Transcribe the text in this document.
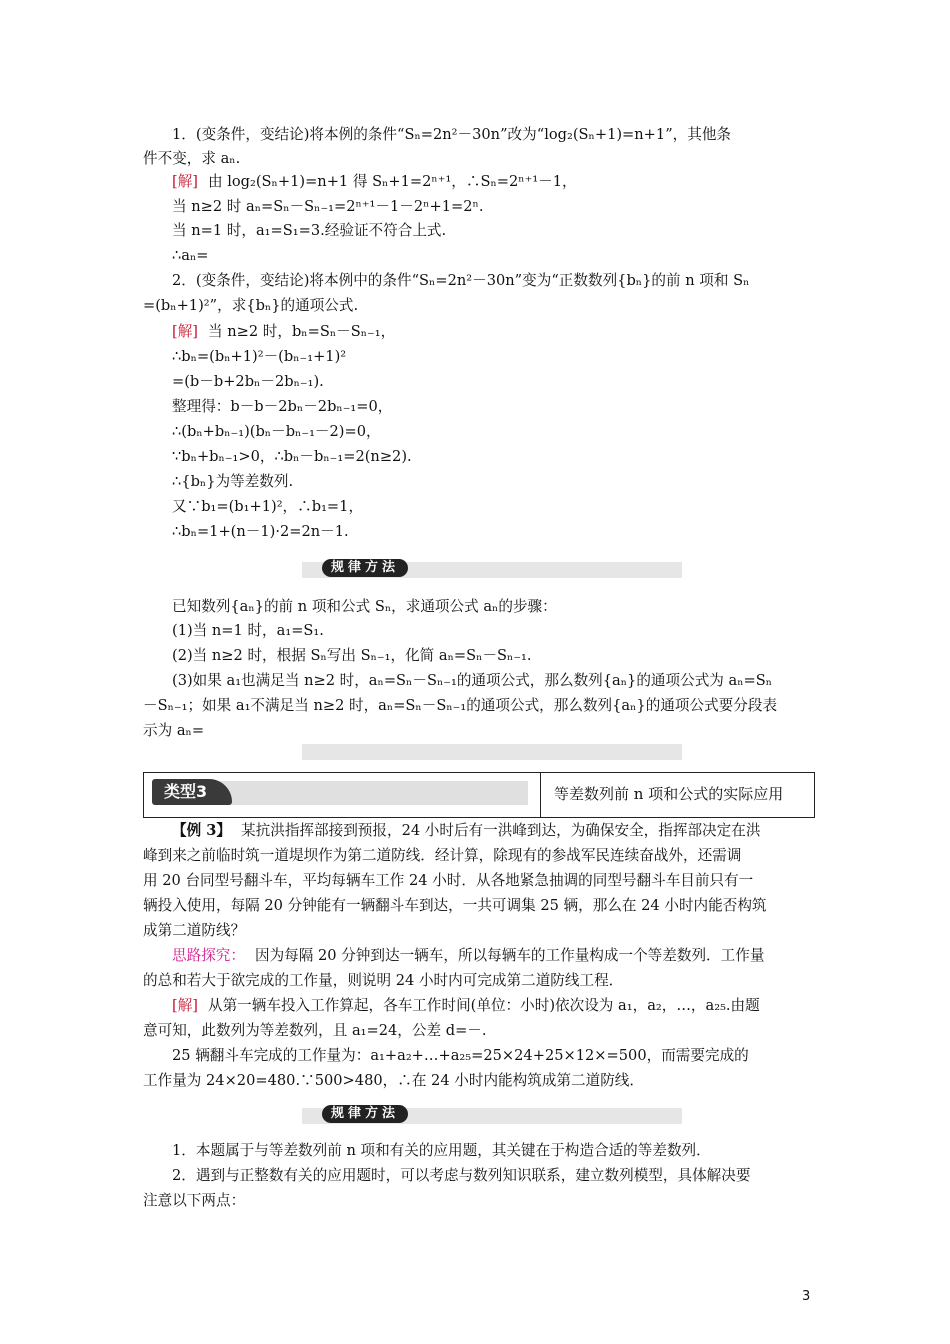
1．(变条件，变结论)将本例的条件“Sₙ=2n²－30n”改为“log₂(Sₙ+1)=n+1”，其他条
件不变，求 aₙ.
[解] 由 log₂(Sₙ+1)=n+1 得 Sₙ+1=2ⁿ⁺¹，∴Sₙ=2ⁿ⁺¹－1，
当 n≥2 时 aₙ=Sₙ－Sₙ₋₁=2ⁿ⁺¹－1－2ⁿ+1=2ⁿ.
当 n=1 时，a₁=S₁=3.经验证不符合上式.
∴aₙ=
2．(变条件，变结论)将本例中的条件“Sₙ=2n²－30n”变为“正数数列{bₙ}的前 n 项和 Sₙ
=(bₙ+1)²”，求{bₙ}的通项公式.
[解] 当 n≥2 时，bₙ=Sₙ－Sₙ₋₁，
∴bₙ=(bₙ+1)²－(bₙ₋₁+1)²
=(b－b+2bₙ－2bₙ₋₁).
整理得：b－b－2bₙ－2bₙ₋₁=0，
∴(bₙ+bₙ₋₁)(bₙ－bₙ₋₁－2)=0，
∵bₙ+bₙ₋₁>0，∴bₙ－bₙ₋₁=2(n≥2).
∴{bₙ}为等差数列.
又∵b₁=(b₁+1)²，∴b₁=1，
∴bₙ=1+(n－1)·2=2n－1.
已知数列{aₙ}的前 n 项和公式 Sₙ，求通项公式 aₙ的步骤：
(1)当 n=1 时，a₁=S₁.
(2)当 n≥2 时，根据 Sₙ写出 Sₙ₋₁，化简 aₙ=Sₙ－Sₙ₋₁.
(3)如果 a₁也满足当 n≥2 时，aₙ=Sₙ－Sₙ₋₁的通项公式，那么数列{aₙ}的通项公式为 aₙ=Sₙ
－Sₙ₋₁；如果 a₁不满足当 n≥2 时，aₙ=Sₙ－Sₙ₋₁的通项公式，那么数列{aₙ}的通项公式要分段表
示为 aₙ=
【例 3】 某抗洪指挥部接到预报，24 小时后有一洪峰到达，为确保安全，指挥部决定在洪
峰到来之前临时筑一道堤坝作为第二道防线．经计算，除现有的参战军民连续奋战外，还需调
用 20 台同型号翻斗车，平均每辆车工作 24 小时．从各地紧急抽调的同型号翻斗车目前只有一
辆投入使用，每隔 20 分钟能有一辆翻斗车到达，一共可调集 25 辆，那么在 24 小时内能否构筑
成第二道防线？
思路探究： 因为每隔 20 分钟到达一辆车，所以每辆车的工作量构成一个等差数列．工作量
的总和若大于欲完成的工作量，则说明 24 小时内可完成第二道防线工程．
[解] 从第一辆车投入工作算起，各车工作时间(单位：小时)依次设为 a₁，a₂，…，a₂₅.由题
意可知，此数列为等差数列，且 a₁=24，公差 d=－.
25 辆翻斗车完成的工作量为：a₁+a₂+…+a₂₅=25×24+25×12×=500，而需要完成的
工作量为 24×20=480.∵500>480，∴在 24 小时内能构筑成第二道防线．
1．本题属于与等差数列前 n 项和有关的应用题，其关键在于构造合适的等差数列．
2．遇到与正整数有关的应用题时，可以考虑与数列知识联系，建立数列模型，具体解决要
注意以下两点：
规律方法
规律方法
类型3	等差数列前 n 项和公式的实际应用
3
